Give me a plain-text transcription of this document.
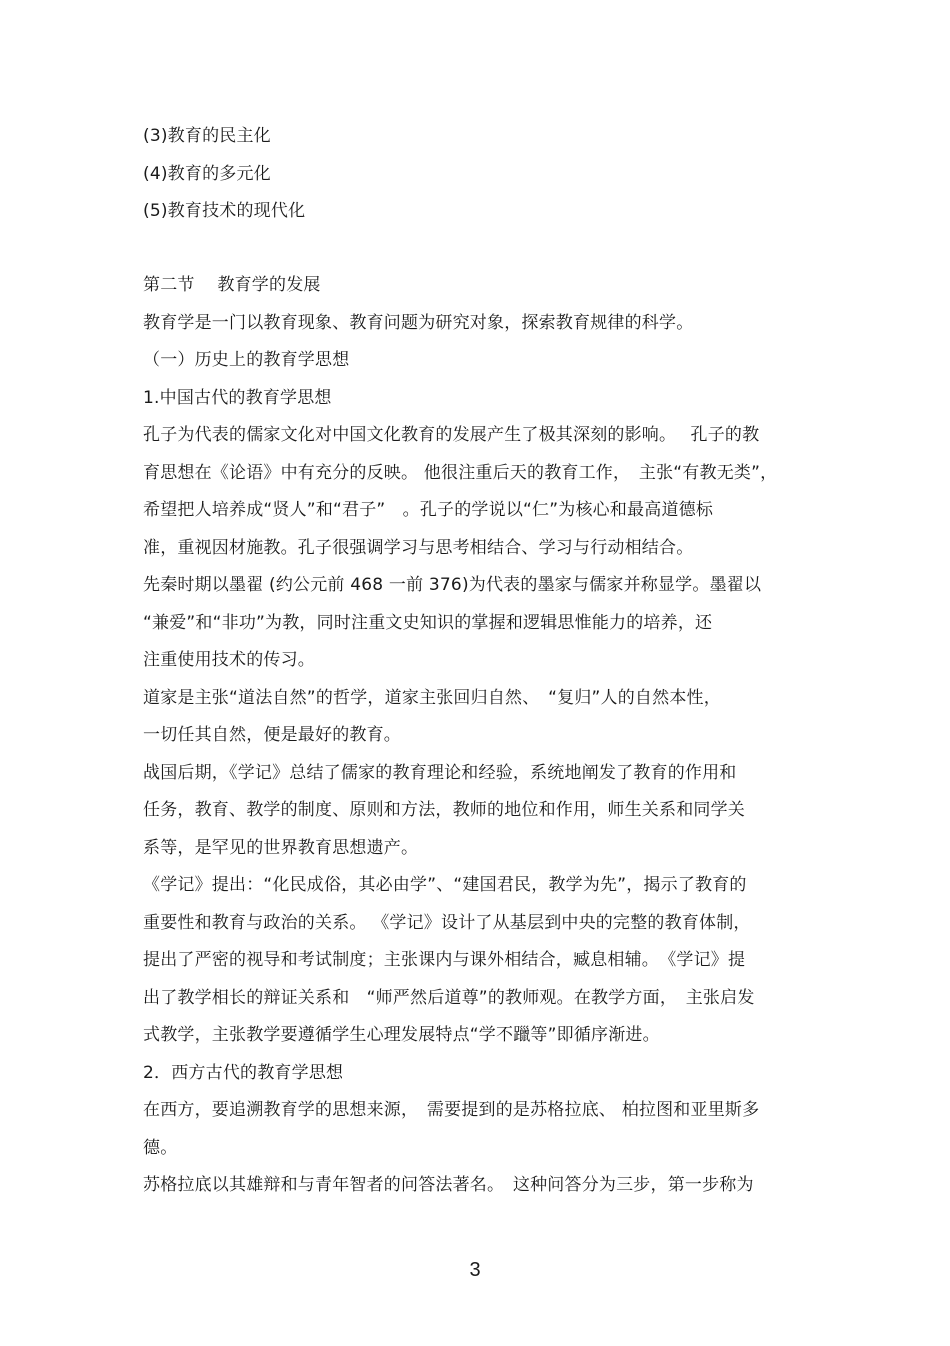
(3)教育的民主化
(4)教育的多元化
(5)教育技术的现代化
第二节　 教育学的发展
教育学是一门以教育现象、教育问题为研究对象，探索教育规律的科学。
（一）历史上的教育学思想
1.中国古代的教育学思想
孔子为代表的儒家文化对中国文化教育的发展产生了极其深刻的影响。　 孔子的教
育思想在《论语》中有充分的反映。 他很注重后天的教育工作，　主张“有教无类”，
希望把人培养成“贤人”和“君子”　。孔子的学说以“仁”为核心和最高道德标
准，重视因材施教。孔子很强调学习与思考相结合、学习与行动相结合。
先秦时期以墨翟 (约公元前 468 一前 376)为代表的墨家与儒家并称显学。墨翟以
“兼爱”和“非功”为教，同时注重文史知识的掌握和逻辑思惟能力的培养，还
注重使用技术的传习。
道家是主张“道法自然”的哲学，道家主张回归自然、　“复归”人的自然本性，
一切任其自然，便是最好的教育。
战国后期，《学记》总结了儒家的教育理论和经验，系统地阐发了教育的作用和
任务，教育、教学的制度、原则和方法，教师的地位和作用，师生关系和同学关
系等，是罕见的世界教育思想遗产。
《学记》提出：“化民成俗，其必由学”、“建国君民，教学为先”，揭示了教育的
重要性和教育与政治的关系。 《学记》设计了从基层到中央的完整的教育体制，
提出了严密的视导和考试制度；主张课内与课外相结合，臧息相辅。　《学记》提
出了教学相长的辩证关系和　“师严然后道尊”的教师观。在教学方面，　主张启发
式教学，主张教学要遵循学生心理发展特点“学不躐等”即循序渐进。
2．西方古代的教育学思想
在西方，要追溯教育学的思想来源，　需要提到的是苏格拉底、 柏拉图和亚里斯多
德。
苏格拉底以其雄辩和与青年智者的问答法著名。　这种问答分为三步，第一步称为
3
